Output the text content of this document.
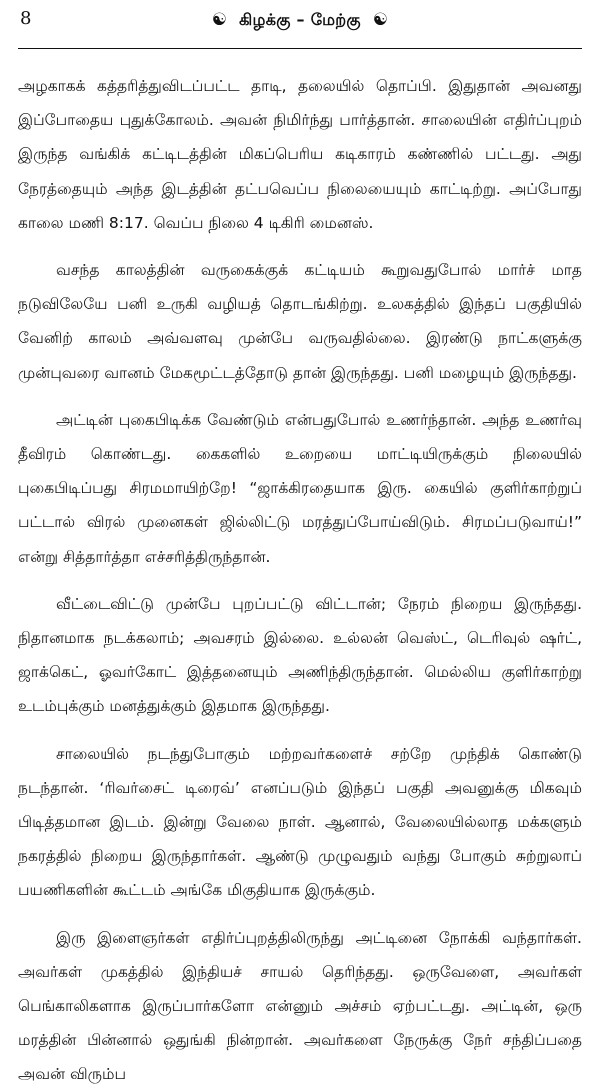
8	☯ கிழக்கு – மேற்கு ☯

அழகாகக் கத்தரித்துவிடப்பட்ட தாடி, தலையில் தொப்பி. இதுதான் அவனது இப்போதைய புதுக்கோலம். அவன் நிமிர்ந்து பார்த்தான். சாலையின் எதிர்ப்புறம் இருந்த வங்கிக் கட்டிடத்தின் மிகப்பெரிய கடிகாரம் கண்ணில் பட்டது. அது நேரத்தையும் அந்த இடத்தின் தட்பவெப்ப நிலையையும் காட்டிற்று. அப்போது காலை மணி 8:17. வெப்ப நிலை 4 டிகிரி மைனஸ்.

வசந்த காலத்தின் வருகைக்குக் கட்டியம் கூறுவதுபோல் மார்ச் மாத நடுவிலேயே பனி உருகி வழியத் தொடங்கிற்று. உலகத்தில் இந்தப் பகுதியில் வேனிற் காலம் அவ்வளவு முன்பே வருவதில்லை. இரண்டு நாட்களுக்கு முன்புவரை வானம் மேகமூட்டத்தோடு தான் இருந்தது. பனி மழையும் இருந்தது.

அட்டின் புகைபிடிக்க வேண்டும் என்பதுபோல் உணர்ந்தான். அந்த உணர்வு தீவிரம் கொண்டது. கைகளில் உறையை மாட்டியிருக்கும் நிலையில் புகைபிடிப்பது சிரமமாயிற்றே! “ஜாக்கிரதையாக இரு. கையில் குளிர்காற்றுப் பட்டால் விரல் முனைகள் ஜில்லிட்டு மரத்துப்போய்விடும். சிரமப்படுவாய்!” என்று சித்தார்த்தா எச்சரித்திருந்தான்.

வீட்டைவிட்டு முன்பே புறப்பட்டு விட்டான்; நேரம் நிறைய இருந்தது. நிதானமாக நடக்கலாம்; அவசரம் இல்லை. உல்லன் வெஸ்ட், டெரிவுல் ஷர்ட், ஜாக்கெட், ஓவர்கோட் இத்தனையும் அணிந்திருந்தான். மெல்லிய குளிர்காற்று உடம்புக்கும் மனத்துக்கும் இதமாக இருந்தது.

சாலையில் நடந்துபோகும் மற்றவர்களைச் சற்றே முந்திக் கொண்டு நடந்தான். ‘ரிவர்சைட் டிரைவ்’ எனப்படும் இந்தப் பகுதி அவனுக்கு மிகவும் பிடித்தமான இடம். இன்று வேலை நாள். ஆனால், வேலையில்லாத மக்களும் நகரத்தில் நிறைய இருந்தார்கள். ஆண்டு முழுவதும் வந்து போகும் சுற்றுலாப் பயணிகளின் கூட்டம் அங்கே மிகுதியாக இருக்கும்.

இரு இளைஞர்கள் எதிர்ப்புறத்திலிருந்து அட்டினை நோக்கி வந்தார்கள். அவர்கள் முகத்தில் இந்தியச் சாயல் தெரிந்தது. ஒருவேளை, அவர்கள் பெங்காலிகளாக இருப்பார்களோ என்னும் அச்சம் ஏற்பட்டது. அட்டின், ஒரு மரத்தின் பின்னால் ஒதுங்கி நின்றான். அவர்களை நேருக்கு நேர் சந்திப்பதை அவன் விரும்ப
